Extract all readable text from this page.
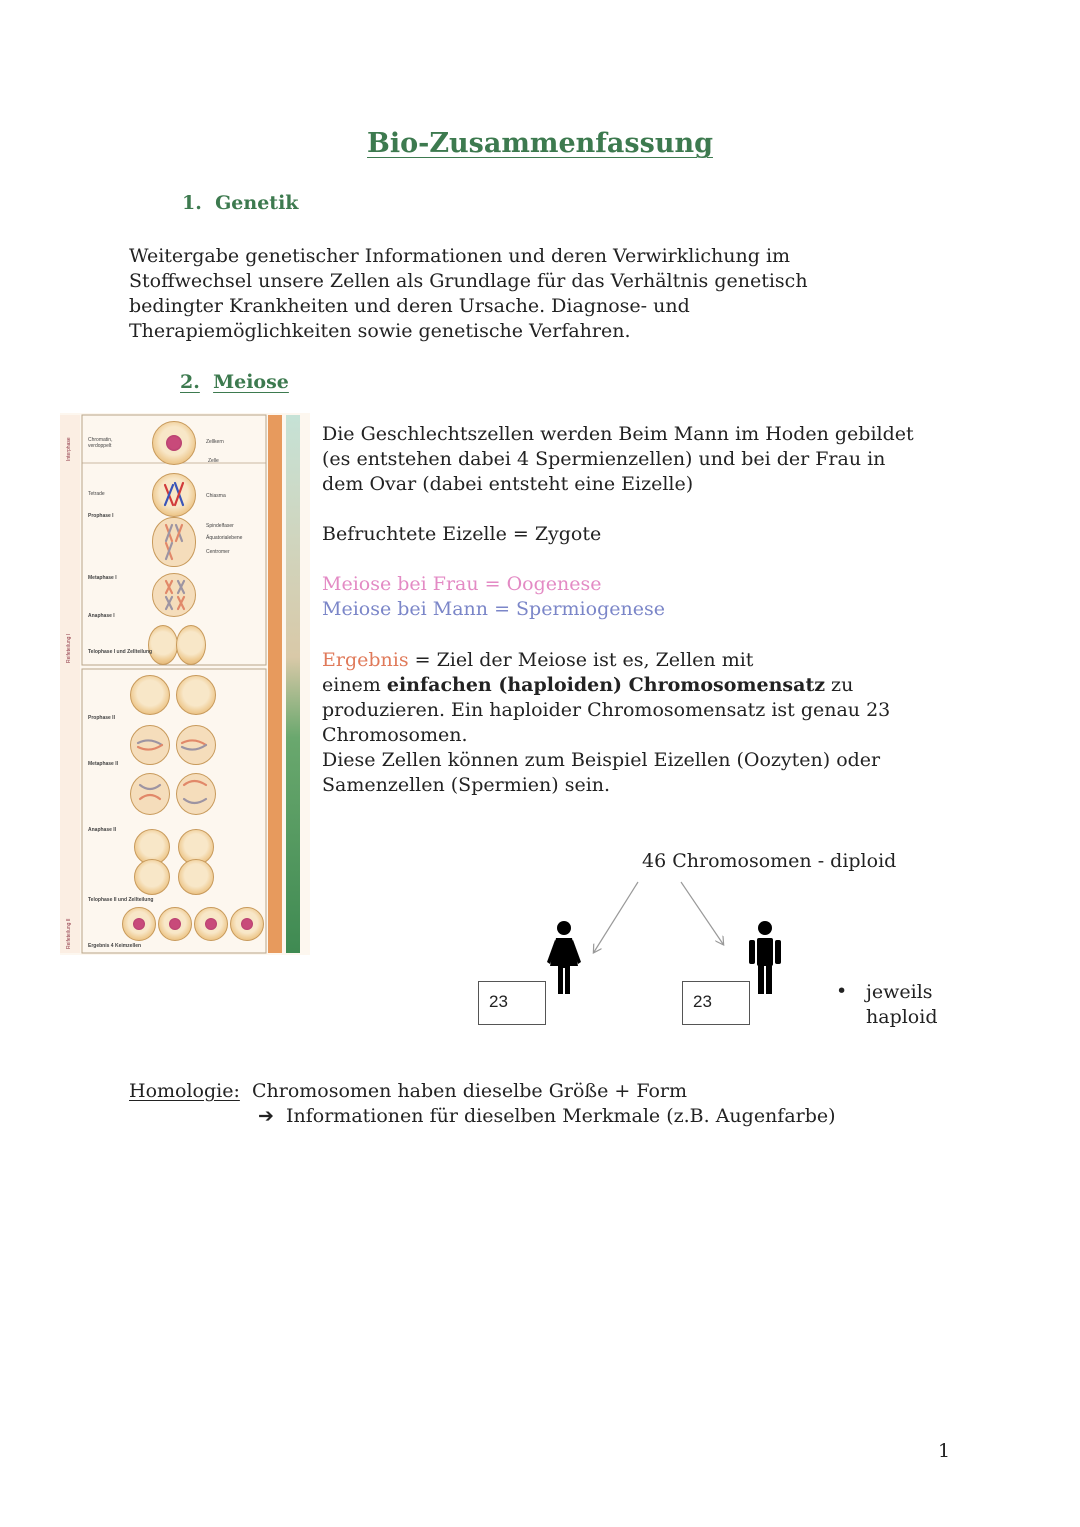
Bio-Zusammenfassung
1. Genetik
Weitergabe genetischer Informationen und deren Verwirklichung im
Stoffwechsel unsere Zellen als Grundlage für das Verhältnis genetisch
bedingter Krankheiten und deren Ursache. Diagnose- und
Therapiemöglichkeiten sowie genetische Verfahren.
2. Meiose
Interphase
Reifeteilung I
Reifeteilung II
Chromatin, verdoppelt
Zellkern
Zelle
Tetrade	Chiasma
Prophase I
Spindelfaser
Äquatorialebene
Centromer
Metaphase I
Anaphase I
Telophase I und Zellteilung
Prophase II
Metaphase II
Anaphase II
Telophase II und Zellteilung
Ergebnis 4 Keimzellen
Die Geschlechtszellen werden Beim Mann im Hoden gebildet
(es entstehen dabei 4 Spermienzellen) und bei der Frau in
dem Ovar (dabei entsteht eine Eizelle)
Befruchtete Eizelle = Zygote
Meiose bei Frau = Oogenese
Meiose bei Mann = Spermiogenese
Ergebnis = Ziel der Meiose ist es, Zellen mit
einem einfachen (haploiden) Chromosomensatz zu
produzieren. Ein haploider Chromosomensatz ist genau 23
Chromosomen.
Diese Zellen können zum Beispiel Eizellen (Oozyten) oder
Samenzellen (Spermien) sein.
46 Chromosomen - diploid
23	23	• jeweils
haploid
Homologie: Chromosomen haben dieselbe Größe + Form
➔ Informationen für dieselben Merkmale (z.B. Augenfarbe)
1
